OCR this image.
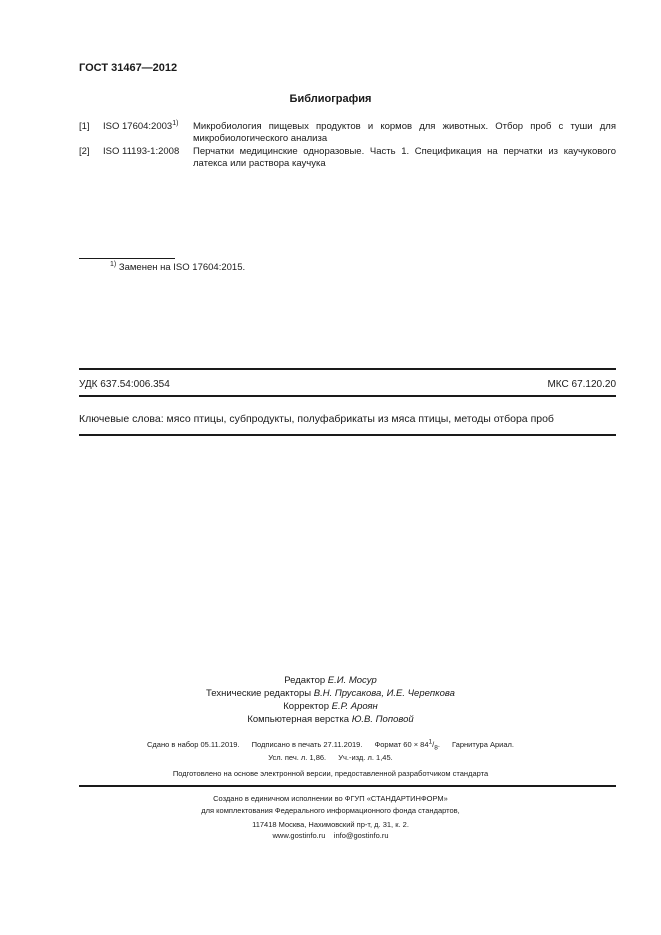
ГОСТ 31467—2012
Библиография
[1]	ISO 17604:2003$^{1)}$	Микробиология пищевых продуктов и кормов для животных. Отбор проб с туши для микробиологического анализа
[2]	ISO 11193-1:2008	Перчатки медицинские одноразовые. Часть 1. Спецификация на перчатки из каучукового латекса или раствора каучука
$^{1)}$ Заменен на ISO 17604:2015.
УДК 637.54:006.354	МКС 67.120.20
Ключевые слова: мясо птицы, субпродукты, полуфабрикаты из мяса птицы, методы отбора проб
Редактор Е.И. Мосур
Технические редакторы В.Н. Прусакова, И.Е. Черепкова
Корректор Е.Р. Ароян
Компьютерная верстка Ю.В. Поповой
Сдано в набор 05.11.2019. Подписано в печать 27.11.2019. Формат $60 \times 84^1/_8$. Гарнитура Ариал.
Усл. печ. л. 1,86. Уч.-изд. л. 1,45.
Подготовлено на основе электронной версии, предоставленной разработчиком стандарта
Создано в единичном исполнении во ФГУП «СТАНДАРТИНФОРМ»
для комплектования Федерального информационного фонда стандартов,
117418 Москва, Нахимовский пр-т, д. 31, к. 2.
www.gostinfo.ru info@gostinfo.ru
